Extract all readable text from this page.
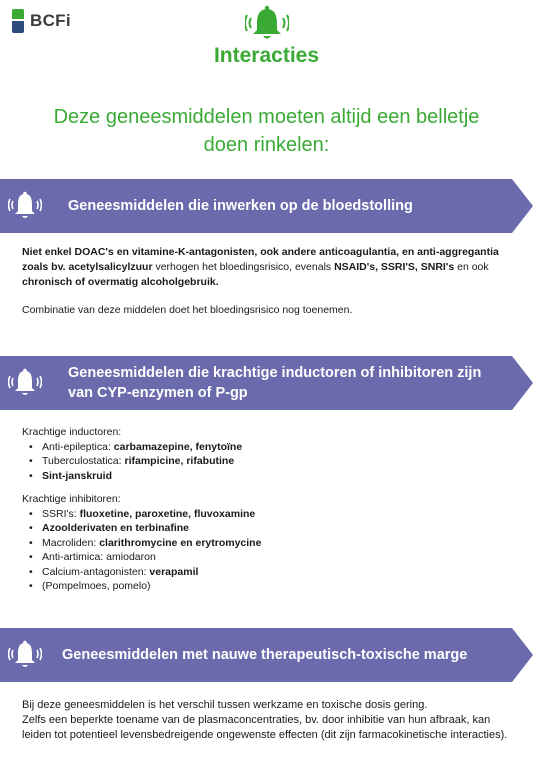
BCFi
Interacties
Deze geneesmiddelen moeten altijd een belletje doen rinkelen:
Geneesmiddelen die inwerken op de bloedstolling
Niet enkel DOAC's en vitamine-K-antagonisten, ook andere anticoagulantia, en anti-aggregantia zoals bv. acetylsalicylzuur verhogen het bloedingsrisico, evenals NSAID's, SSRI'S, SNRI's en ook chronisch of overmatig alcoholgebruik.
Combinatie van deze middelen doet het bloedingsrisico nog toenemen.
Geneesmiddelen die krachtige inductoren of inhibitoren zijn van CYP-enzymen of P-gp
Krachtige inductoren:
• Anti-epileptica: carbamazepine, fenytoïne
• Tuberculostatica: rifampicine, rifabutine
• Sint-janskruid
Krachtige inhibitoren:
• SSRI's: fluoxetine, paroxetine, fluvoxamine
• Azoolderivaten en terbinafine
• Macroliden: clarithromycine en erytromycine
• Anti-artimica: amiodaron
• Calcium-antagonisten: verapamil
• (Pompelmoes, pomelo)
Geneesmiddelen met nauwe therapeutisch-toxische marge
Bij deze geneesmiddelen is het verschil tussen werkzame en toxische dosis gering.
Zelfs een beperkte toename van de plasmaconcentraties, bv. door inhibitie van hun afbraak, kan leiden tot potentieel levensbedreigende ongewenste effecten (dit zijn farmacokinetische interacties).
